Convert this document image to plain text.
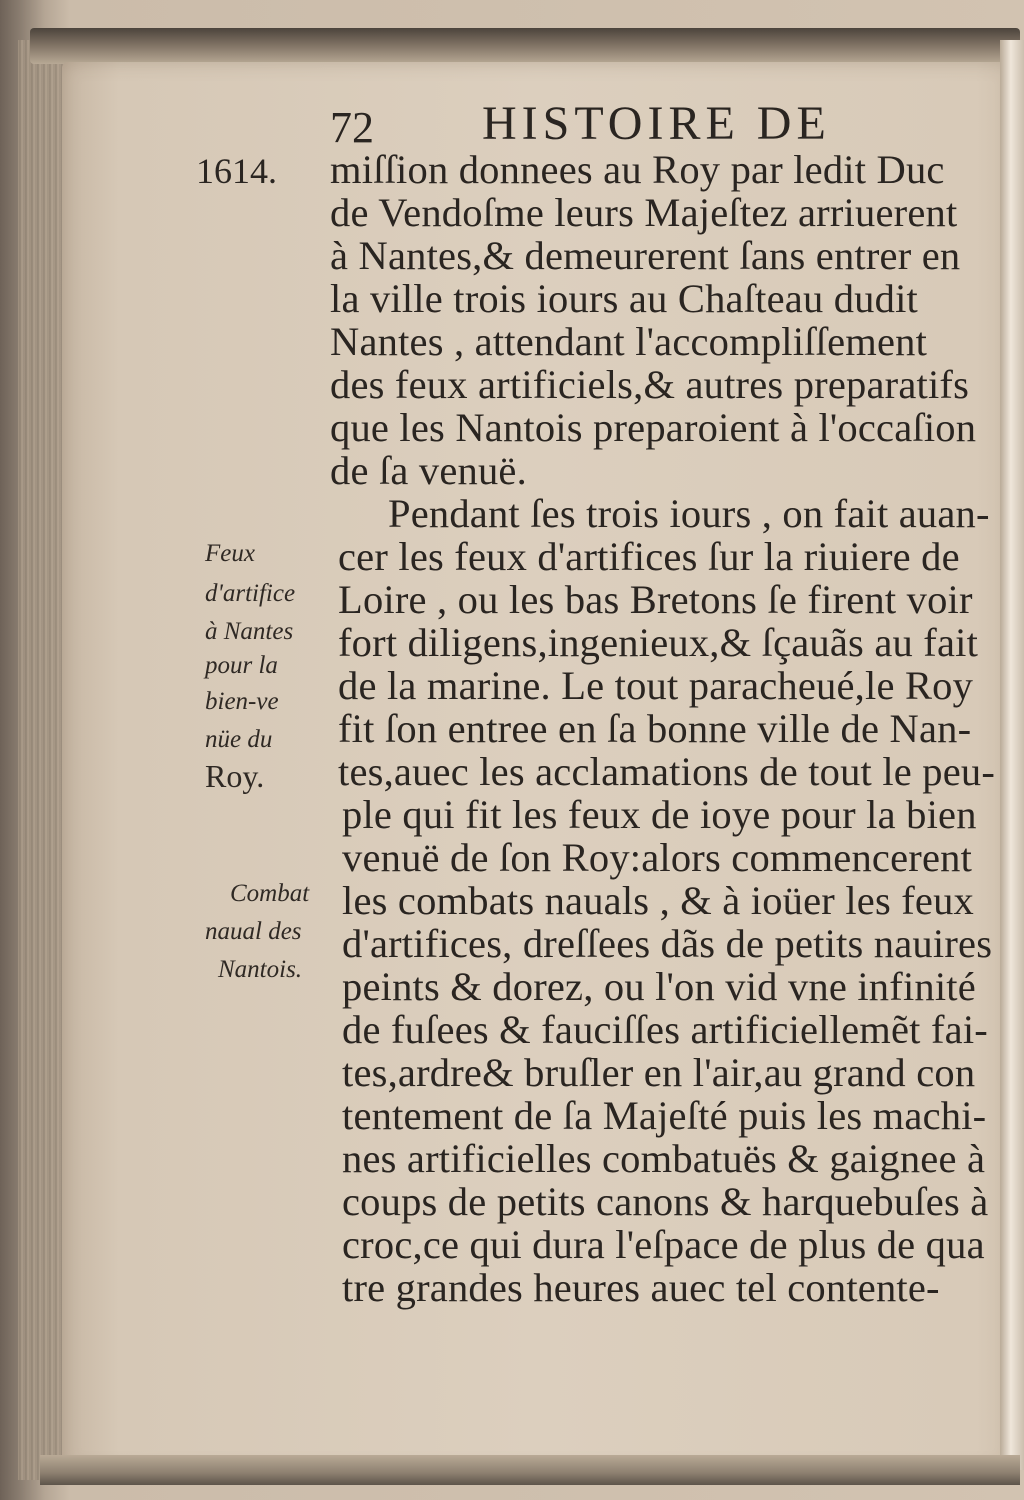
72 HISTOIRE DE
1614. miſſion donnees au Roy par ledit Duc
de Vendoſme leurs Majeſtez arriuerent
à Nantes,& demeurerent ſans entrer en
la ville trois iours au Chaſteau dudit
Nantes , attendant l'accompliſſement
des feux artificiels,& autres preparatifs
que les Nantois preparoient à l'occaſion
de ſa venuë.
Pendant ſes trois iours , on fait auan-
cer les feux d'artifices ſur la riuiere de
Loire , ou les bas Bretons ſe firent voir
fort diligens,ingenieux,& ſçauãs au fait
de la marine. Le tout paracheué,le Roy
fit ſon entree en ſa bonne ville de Nan-
tes,auec les acclamations de tout le peu-
ple qui fit les feux de ioye pour la bien
venuë de ſon Roy:alors commencerent
les combats nauals , & à ioüer les feux
d'artifices, dreſſees dãs de petits nauires
peints & dorez, ou l'on vid vne infinité
de fuſees & fauciſſes artificiellemẽt fai-
tes,ardre& bruſler en l'air,au grand con
tentement de ſa Majeſté puis les machi-
nes artificielles combatuës & gaignee à
coups de petits canons & harquebuſes à
croc,ce qui dura l'eſpace de plus de qua
tre grandes heures auec tel contente-
Feux
d'artifice
à Nantes
pour la
bien-ve
nüe du
Roy.
Combat
naual des
Nantois.
